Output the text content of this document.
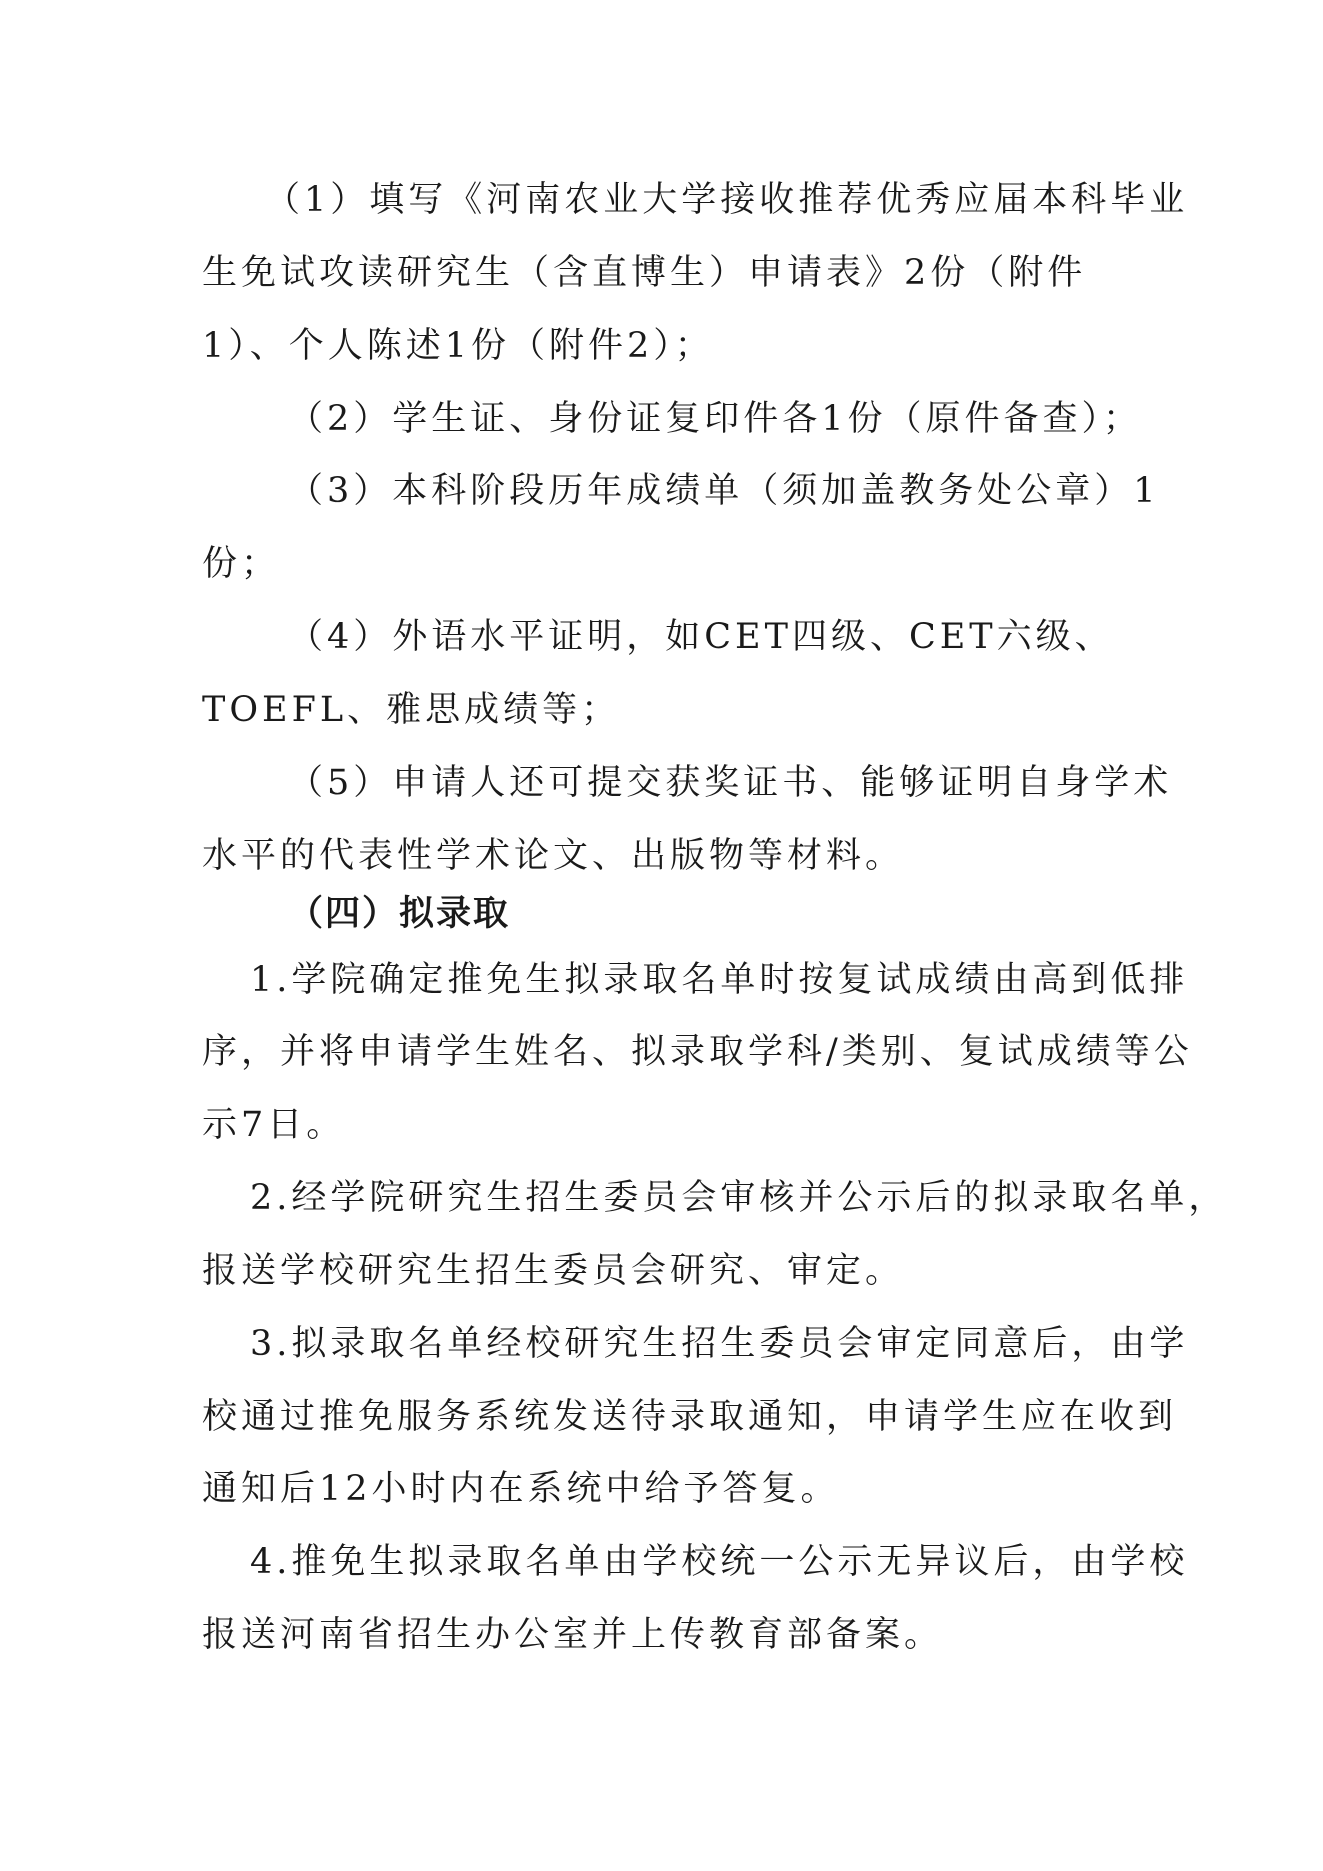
（1）填写《河南农业大学接收推荐优秀应届本科毕业
生免试攻读研究生（含直博生）申请表》2份（附件
1）、个人陈述1份（附件2）；
（2）学生证、身份证复印件各1份（原件备查）；
（3）本科阶段历年成绩单（须加盖教务处公章）1
份；
（4）外语水平证明，如CET四级、CET六级、
TOEFL、雅思成绩等；
（5）申请人还可提交获奖证书、能够证明自身学术
水平的代表性学术论文、出版物等材料。
（四）拟录取
1.学院确定推免生拟录取名单时按复试成绩由高到低排
序，并将申请学生姓名、拟录取学科/类别、复试成绩等公
示7日。
2.经学院研究生招生委员会审核并公示后的拟录取名单，
报送学校研究生招生委员会研究、审定。
3.拟录取名单经校研究生招生委员会审定同意后，由学
校通过推免服务系统发送待录取通知，申请学生应在收到
通知后12小时内在系统中给予答复。
4.推免生拟录取名单由学校统一公示无异议后，由学校
报送河南省招生办公室并上传教育部备案。
